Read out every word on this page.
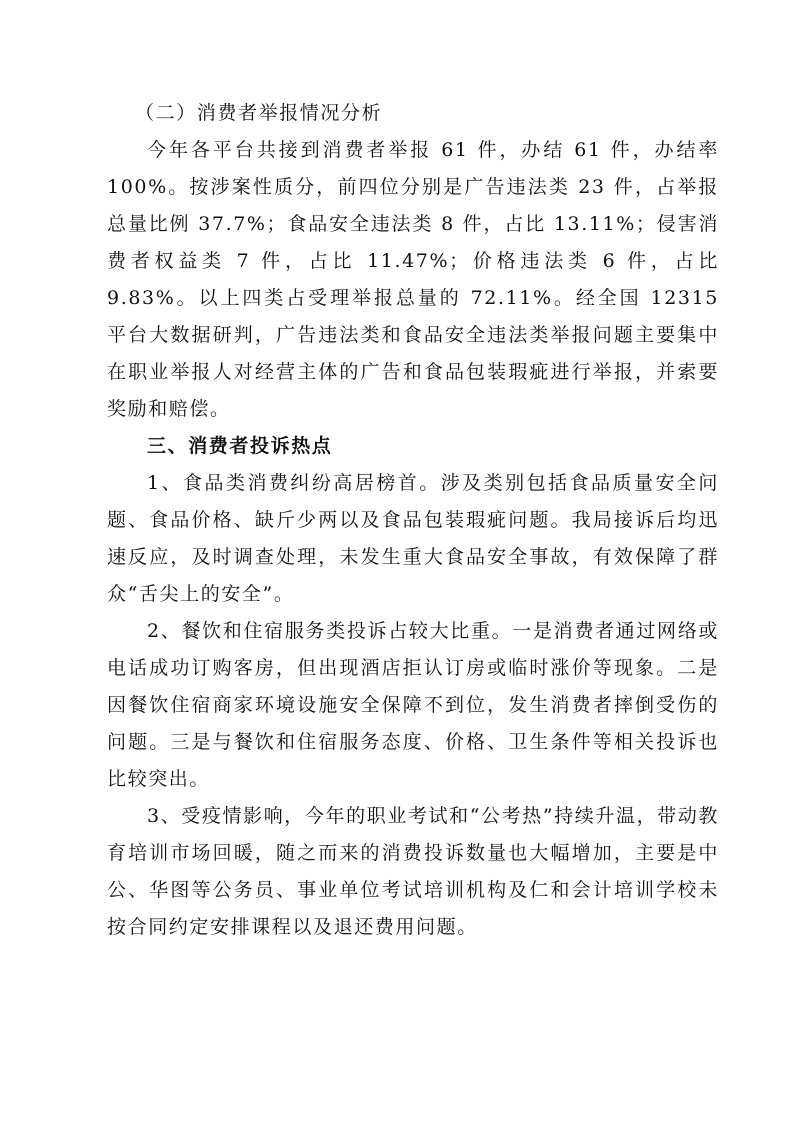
（二）消费者举报情况分析

今年各平台共接到消费者举报 61 件，办结 61 件，办结率 100%。按涉案性质分，前四位分别是广告违法类 23 件，占举报总量比例 37.7%；食品安全违法类 8 件，占比 13.11%；侵害消费者权益类 7 件，占比 11.47%；价格违法类 6 件，占比 9.83%。以上四类占受理举报总量的 72.11%。经全国 12315 平台大数据研判，广告违法类和食品安全违法类举报问题主要集中在职业举报人对经营主体的广告和食品包装瑕疵进行举报，并索要奖励和赔偿。

三、消费者投诉热点

1、食品类消费纠纷高居榜首。涉及类别包括食品质量安全问题、食品价格、缺斤少两以及食品包装瑕疵问题。我局接诉后均迅速反应，及时调查处理，未发生重大食品安全事故，有效保障了群众“舌尖上的安全”。

2、餐饮和住宿服务类投诉占较大比重。一是消费者通过网络或电话成功订购客房，但出现酒店拒认订房或临时涨价等现象。二是因餐饮住宿商家环境设施安全保障不到位，发生消费者摔倒受伤的问题。三是与餐饮和住宿服务态度、价格、卫生条件等相关投诉也比较突出。

3、受疫情影响，今年的职业考试和“公考热”持续升温，带动教育培训市场回暖，随之而来的消费投诉数量也大幅增加，主要是中公、华图等公务员、事业单位考试培训机构及仁和会计培训学校未按合同约定安排课程以及退还费用问题。
